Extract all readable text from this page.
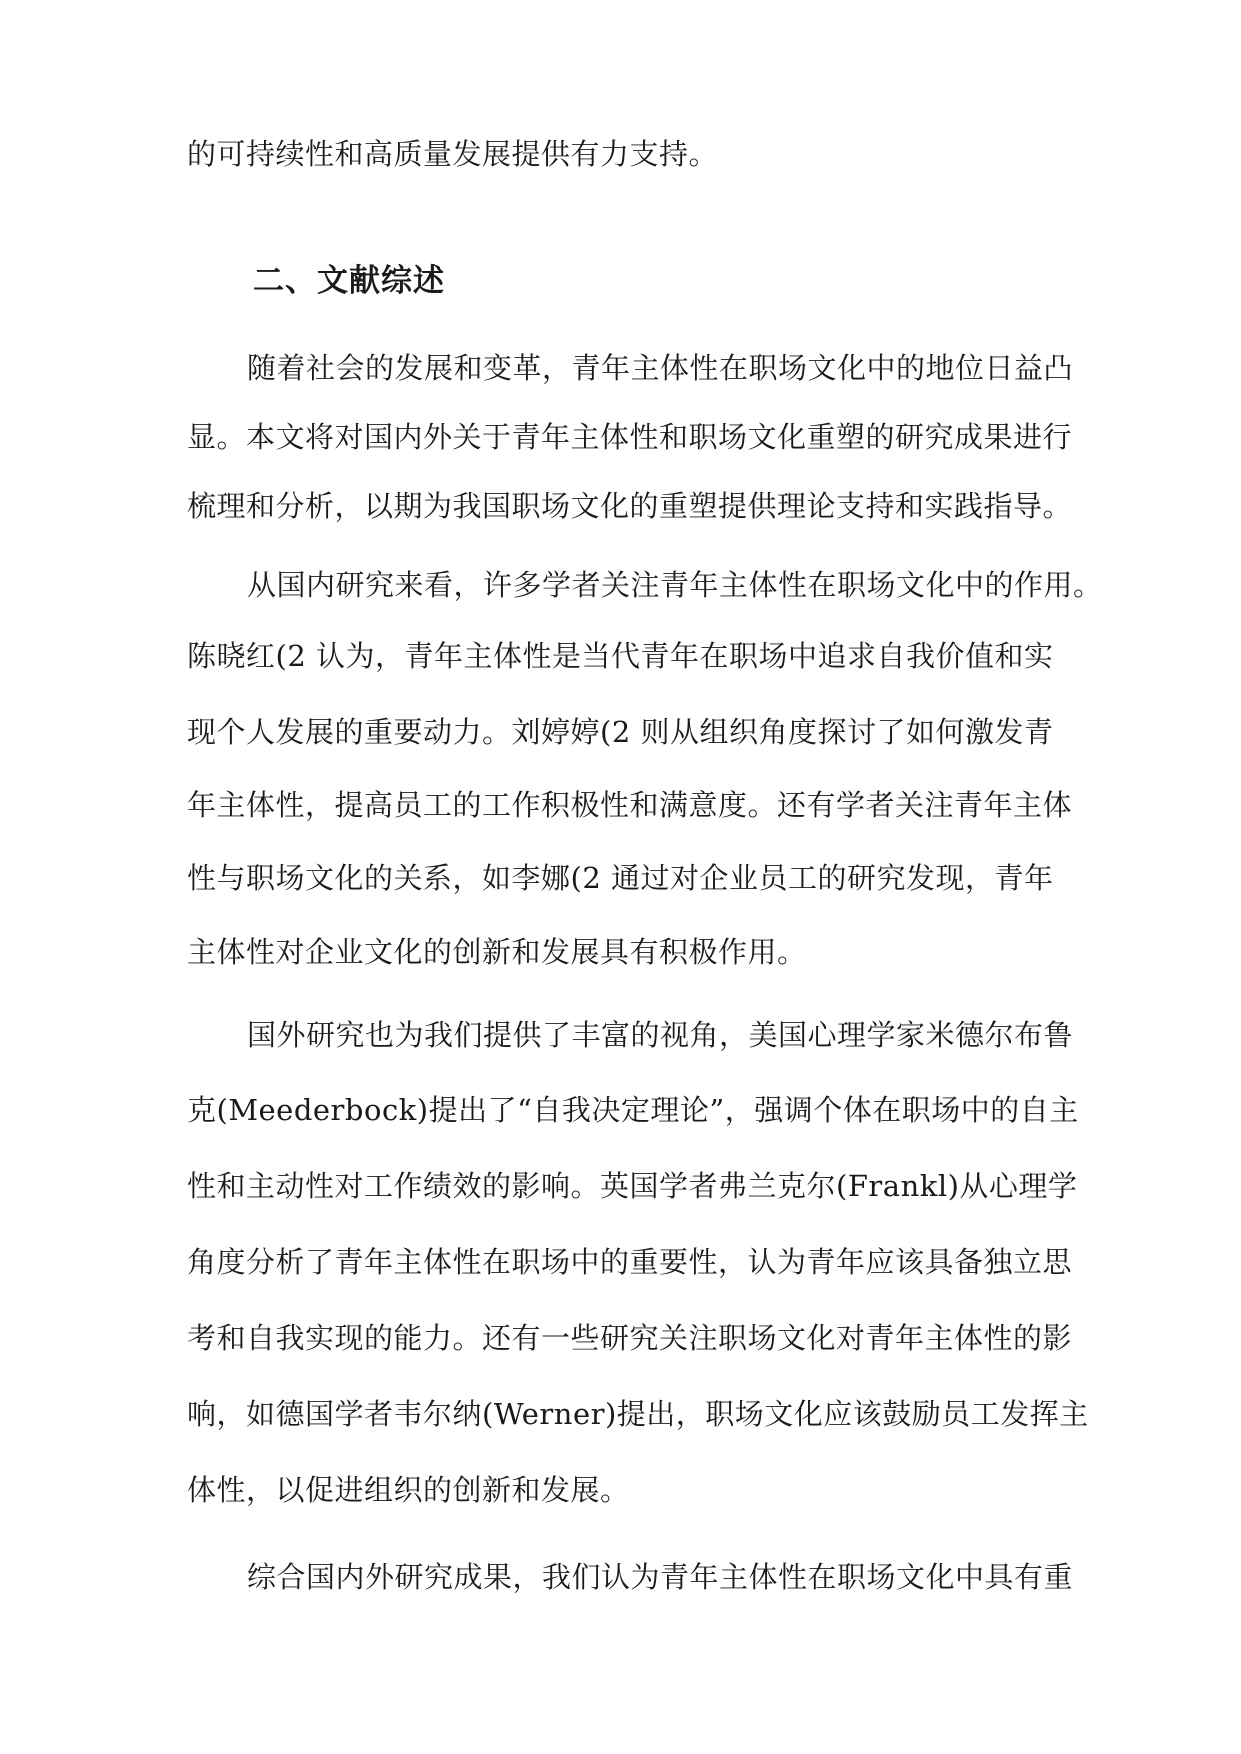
的可持续性和高质量发展提供有力支持。
二、文献综述
随着社会的发展和变革，青年主体性在职场文化中的地位日益凸
显。本文将对国内外关于青年主体性和职场文化重塑的研究成果进行
梳理和分析，以期为我国职场文化的重塑提供理论支持和实践指导。
从国内研究来看，许多学者关注青年主体性在职场文化中的作用。
陈晓红(2 认为，青年主体性是当代青年在职场中追求自我价值和实
现个人发展的重要动力。刘婷婷(2 则从组织角度探讨了如何激发青
年主体性，提高员工的工作积极性和满意度。还有学者关注青年主体
性与职场文化的关系，如李娜(2 通过对企业员工的研究发现，青年
主体性对企业文化的创新和发展具有积极作用。
国外研究也为我们提供了丰富的视角，美国心理学家米德尔布鲁
克(Meederbock)提出了“自我决定理论”，强调个体在职场中的自主
性和主动性对工作绩效的影响。英国学者弗兰克尔(Frankl)从心理学
角度分析了青年主体性在职场中的重要性，认为青年应该具备独立思
考和自我实现的能力。还有一些研究关注职场文化对青年主体性的影
响，如德国学者韦尔纳(Werner)提出，职场文化应该鼓励员工发挥主
体性，以促进组织的创新和发展。
综合国内外研究成果，我们认为青年主体性在职场文化中具有重
